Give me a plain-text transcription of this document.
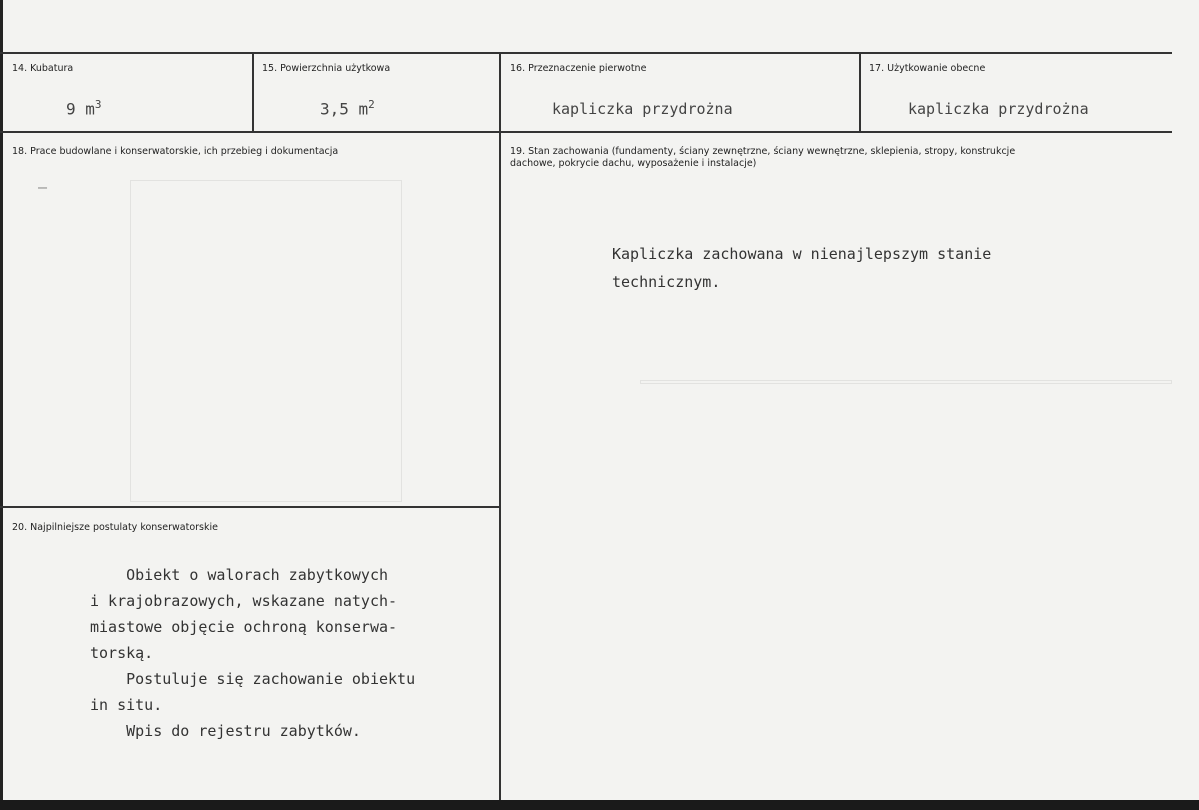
14. Kubatura
9 $m^3$
15. Powierzchnia użytkowa
3,5 $m^2$
16. Przeznaczenie pierwotne
kapliczka przydrożna
17. Użytkowanie obecne
kapliczka przydrożna
18. Prace budowlane i konserwatorskie, ich przebieg i dokumentacja
—
19. Stan zachowania (fundamenty, ściany zewnętrzne, ściany wewnętrzne, sklepienia, stropy, konstrukcje dachowe, pokrycie dachu, wyposażenie i instalacje)
Kapliczka zachowana w nienajlepszym stanie
technicznym.
20. Najpilniejsze postulaty konserwatorskie
Obiekt o walorach zabytkowych
i krajobrazowych, wskazane natych-
miastowe objęcie ochroną konserwa-
torską.
Postuluje się zachowanie obiektu
in situ.
Wpis do rejestru zabytków.
